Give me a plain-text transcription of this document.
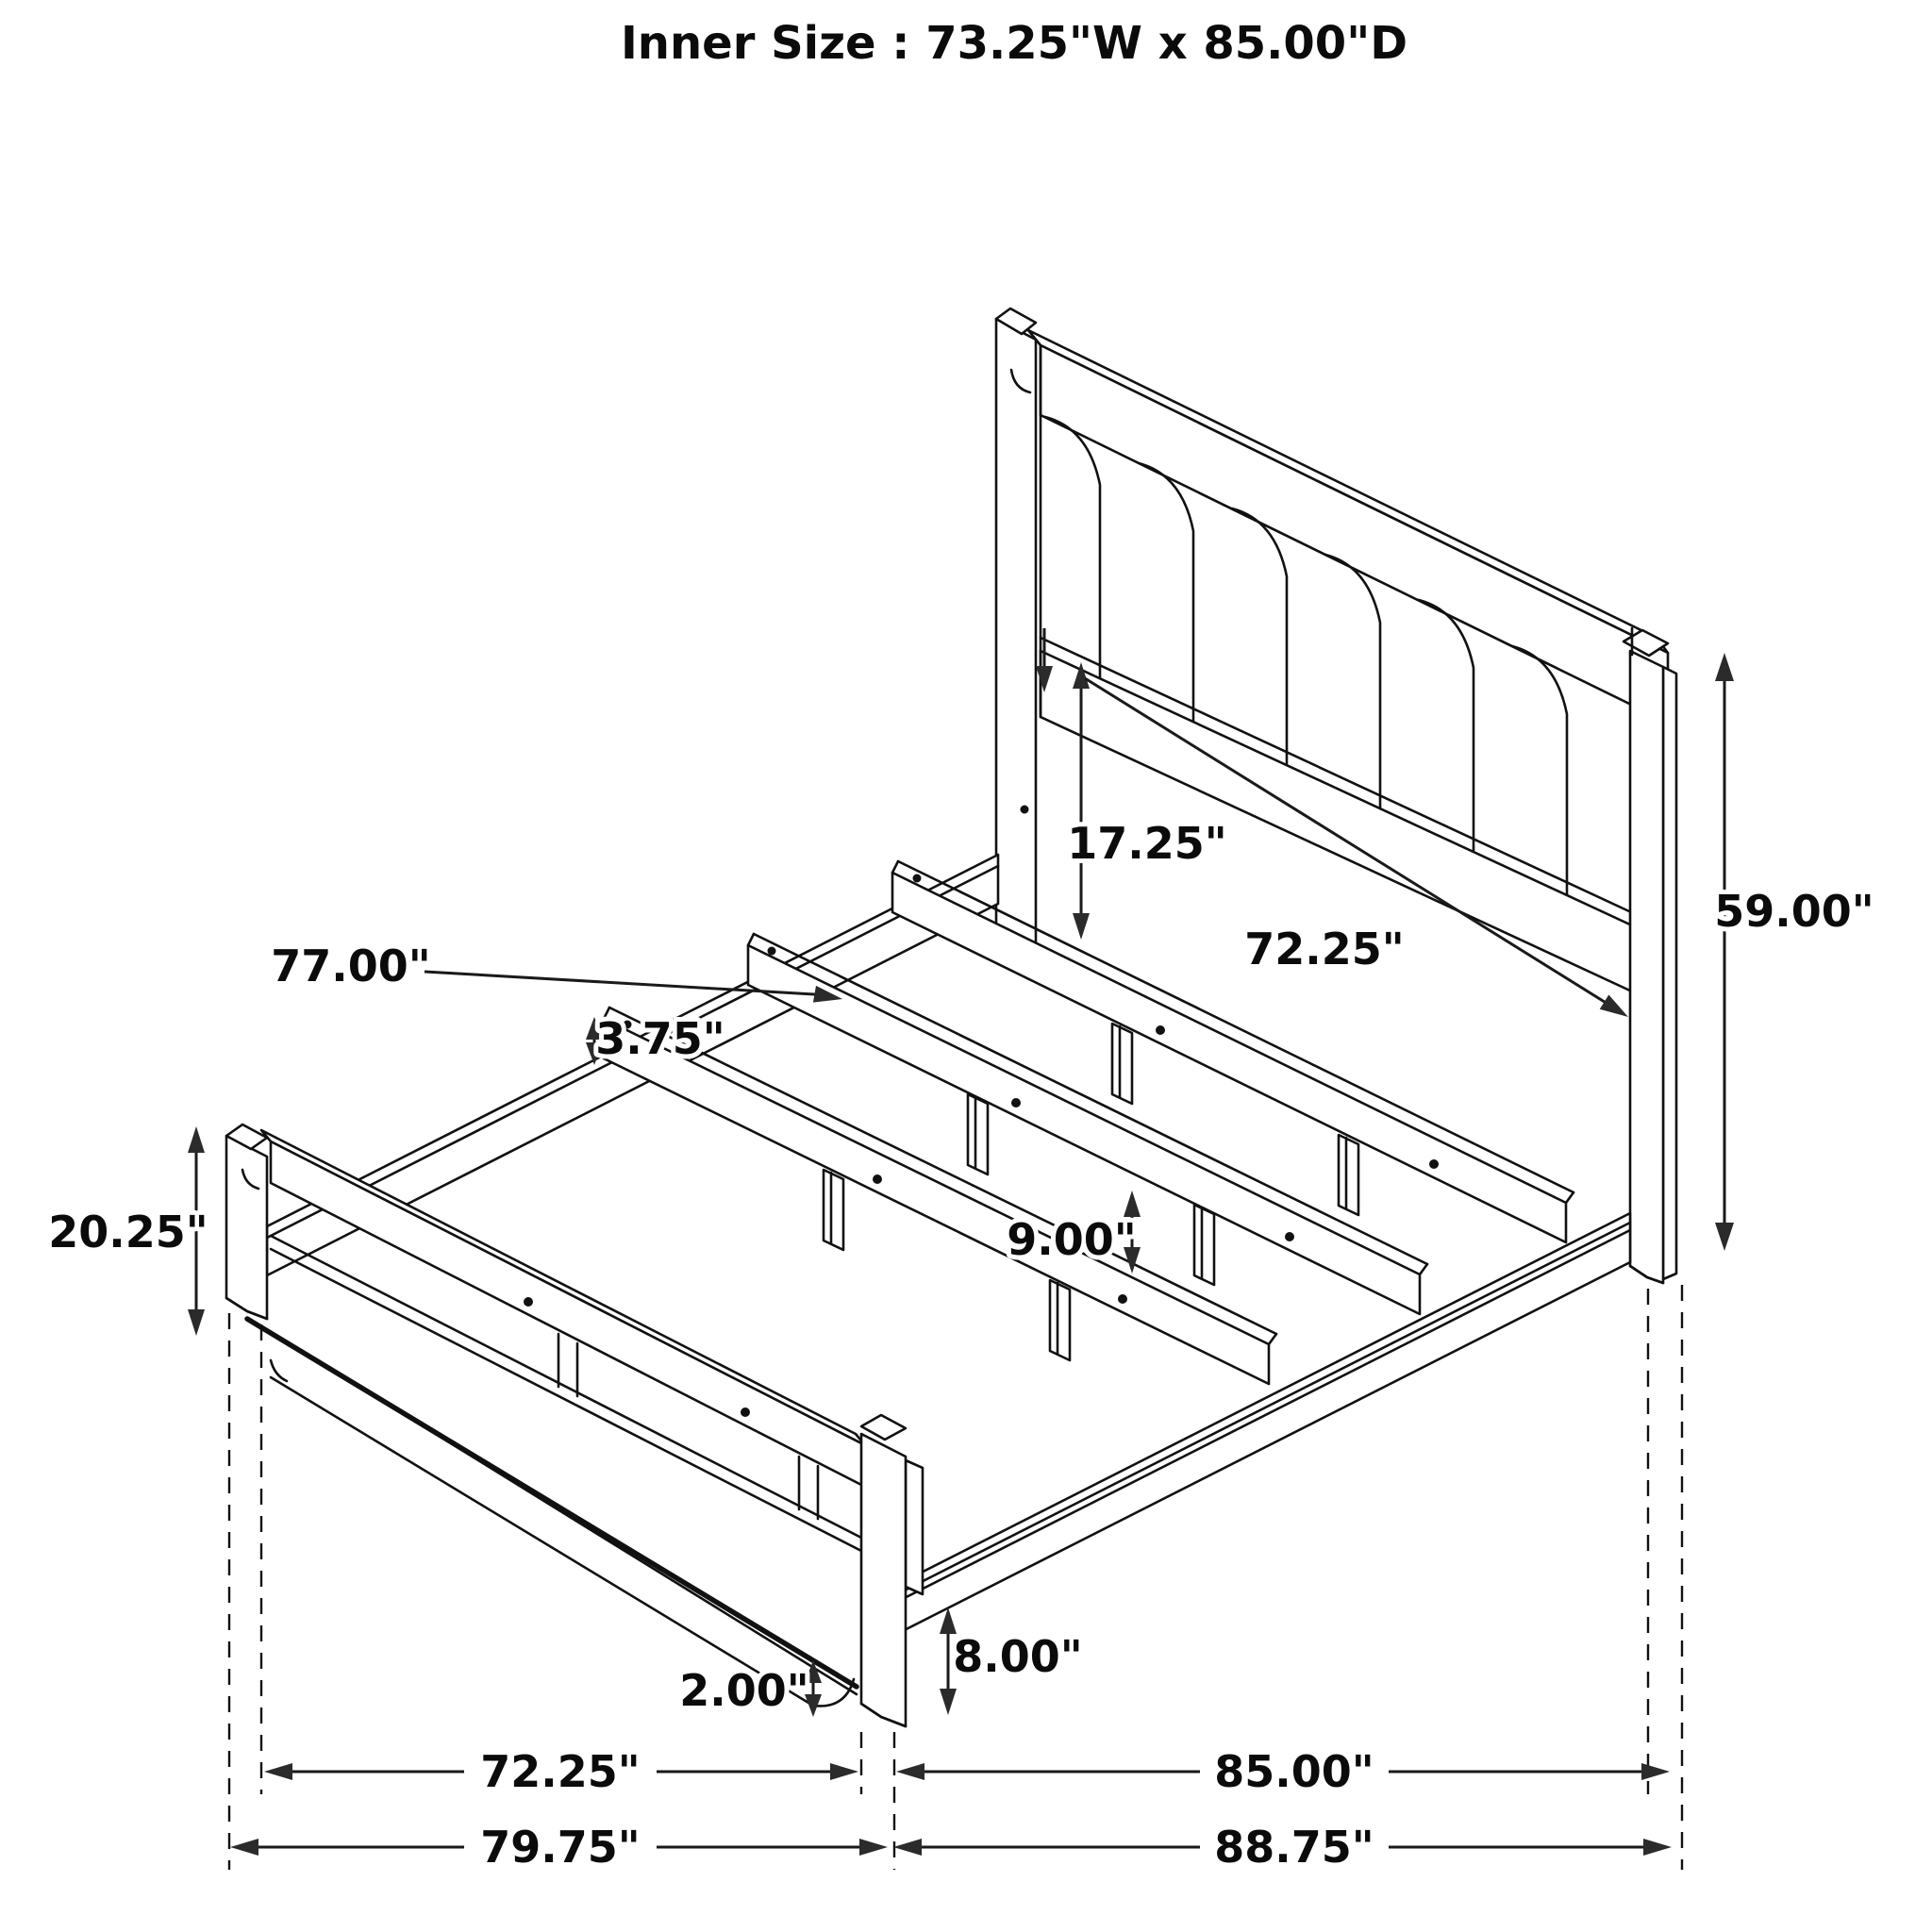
Inner Size : 73.25"W x 85.00"D
77.00"
17.25"
72.25"
59.00"
3.75"
20.25"	9.00"
8.00"
2.00"
72.25"	85.00"
79.75"	88.75"
